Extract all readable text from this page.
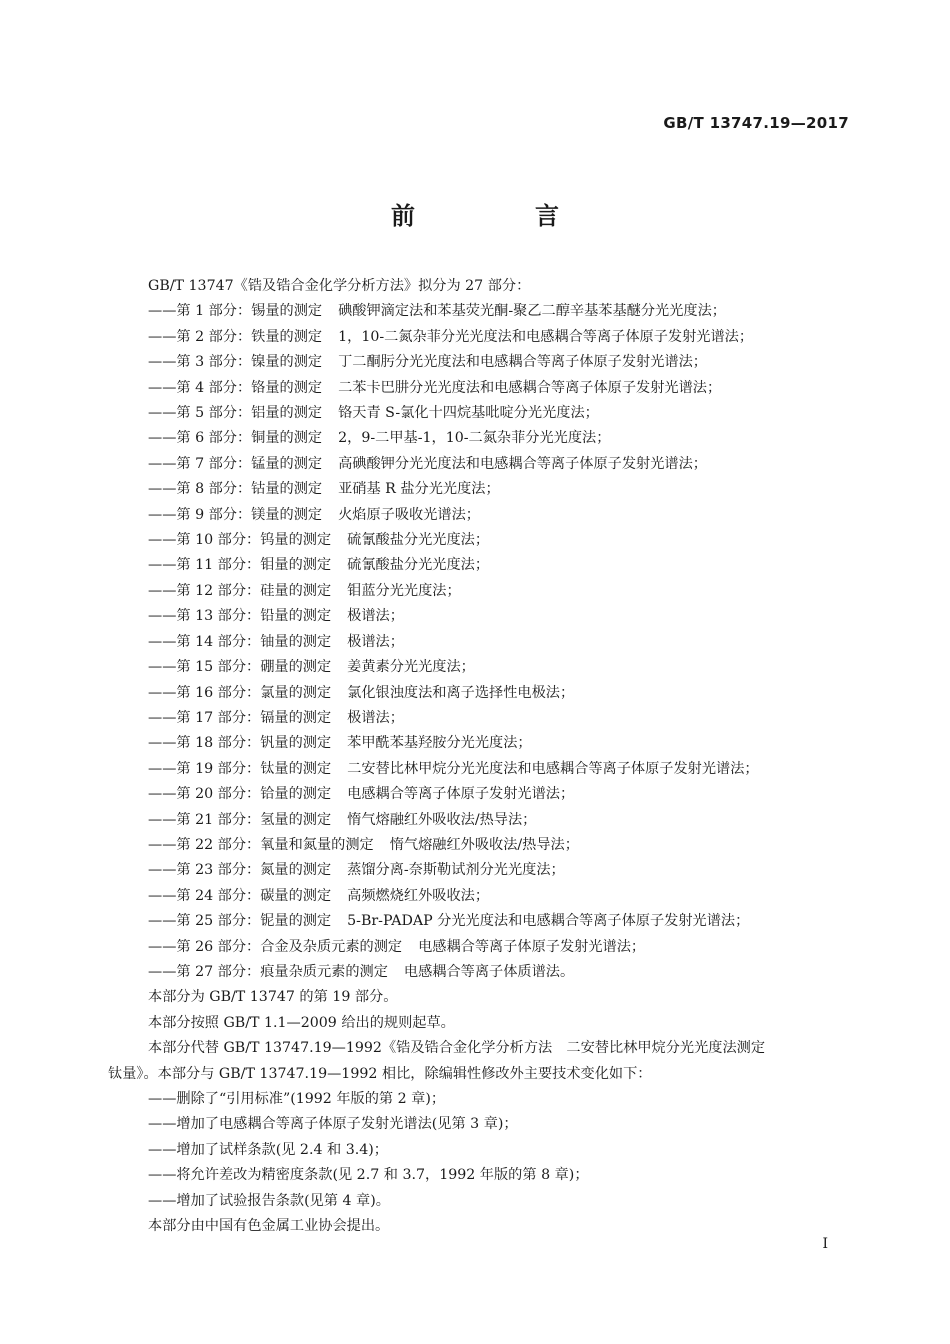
GB/T 13747.19—2017
前　言

GB/T 13747《锆及锆合金化学分析方法》拟分为 27 部分：

——第 1 部分：锡量的测定 碘酸钾滴定法和苯基荧光酮-聚乙二醇辛基苯基醚分光光度法；

——第 2 部分：铁量的测定 1，10-二氮杂菲分光光度法和电感耦合等离子体原子发射光谱法；

——第 3 部分：镍量的测定 丁二酮肟分光光度法和电感耦合等离子体原子发射光谱法；

——第 4 部分：铬量的测定 二苯卡巴肼分光光度法和电感耦合等离子体原子发射光谱法；

——第 5 部分：铝量的测定 铬天青 S-氯化十四烷基吡啶分光光度法；

——第 6 部分：铜量的测定 2，9-二甲基-1，10-二氮杂菲分光光度法；

——第 7 部分：锰量的测定 高碘酸钾分光光度法和电感耦合等离子体原子发射光谱法；

——第 8 部分：钴量的测定 亚硝基 R 盐分光光度法；

——第 9 部分：镁量的测定 火焰原子吸收光谱法；

——第 10 部分：钨量的测定 硫氰酸盐分光光度法；

——第 11 部分：钼量的测定 硫氰酸盐分光光度法；

——第 12 部分：硅量的测定 钼蓝分光光度法；

——第 13 部分：铅量的测定 极谱法；

——第 14 部分：铀量的测定 极谱法；

——第 15 部分：硼量的测定 姜黄素分光光度法；

——第 16 部分：氯量的测定 氯化银浊度法和离子选择性电极法；

——第 17 部分：镉量的测定 极谱法；

——第 18 部分：钒量的测定 苯甲酰苯基羟胺分光光度法；

——第 19 部分：钛量的测定 二安替比林甲烷分光光度法和电感耦合等离子体原子发射光谱法；

——第 20 部分：铪量的测定 电感耦合等离子体原子发射光谱法；

——第 21 部分：氢量的测定 惰气熔融红外吸收法/热导法；

——第 22 部分：氧量和氮量的测定 惰气熔融红外吸收法/热导法；

——第 23 部分：氮量的测定 蒸馏分离-奈斯勒试剂分光光度法；

——第 24 部分：碳量的测定 高频燃烧红外吸收法；

——第 25 部分：铌量的测定 5-Br-PADAP 分光光度法和电感耦合等离子体原子发射光谱法；

——第 26 部分：合金及杂质元素的测定 电感耦合等离子体原子发射光谱法；

——第 27 部分：痕量杂质元素的测定 电感耦合等离子体质谱法。

本部分为 GB/T 13747 的第 19 部分。

本部分按照 GB/T 1.1—2009 给出的规则起草。

本部分代替 GB/T 13747.19—1992《锆及锆合金化学分析方法　二安替比林甲烷分光光度法测定

钛量》。本部分与 GB/T 13747.19—1992 相比，除编辑性修改外主要技术变化如下：

——删除了“引用标准”(1992 年版的第 2 章)；

——增加了电感耦合等离子体原子发射光谱法(见第 3 章)；

——增加了试样条款(见 2.4 和 3.4)；

——将允许差改为精密度条款(见 2.7 和 3.7，1992 年版的第 8 章)；

——增加了试验报告条款(见第 4 章)。

本部分由中国有色金属工业协会提出。

Ⅰ
